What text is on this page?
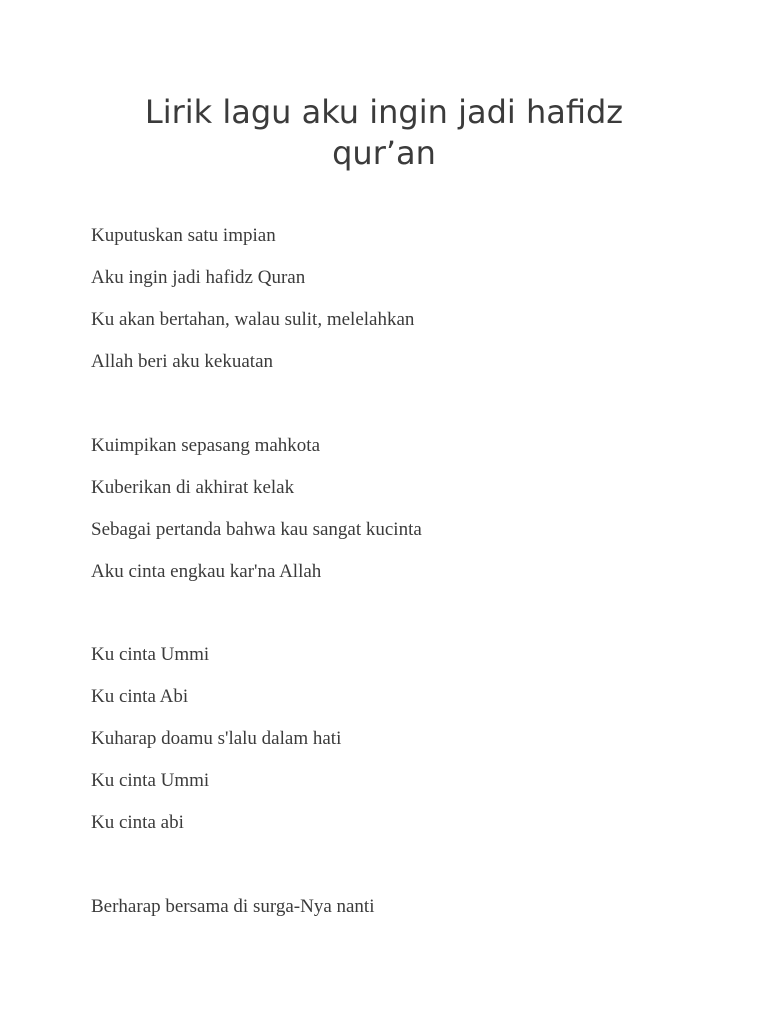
Lirik lagu aku ingin jadi hafidz
qur’an
Kuputuskan satu impian
Aku ingin jadi hafidz Quran
Ku akan bertahan, walau sulit, melelahkan
Allah beri aku kekuatan
Kuimpikan sepasang mahkota
Kuberikan di akhirat kelak
Sebagai pertanda bahwa kau sangat kucinta
Aku cinta engkau kar'na Allah
Ku cinta Ummi
Ku cinta Abi
Kuharap doamu s'lalu dalam hati
Ku cinta Ummi
Ku cinta abi
Berharap bersama di surga-Nya nanti
